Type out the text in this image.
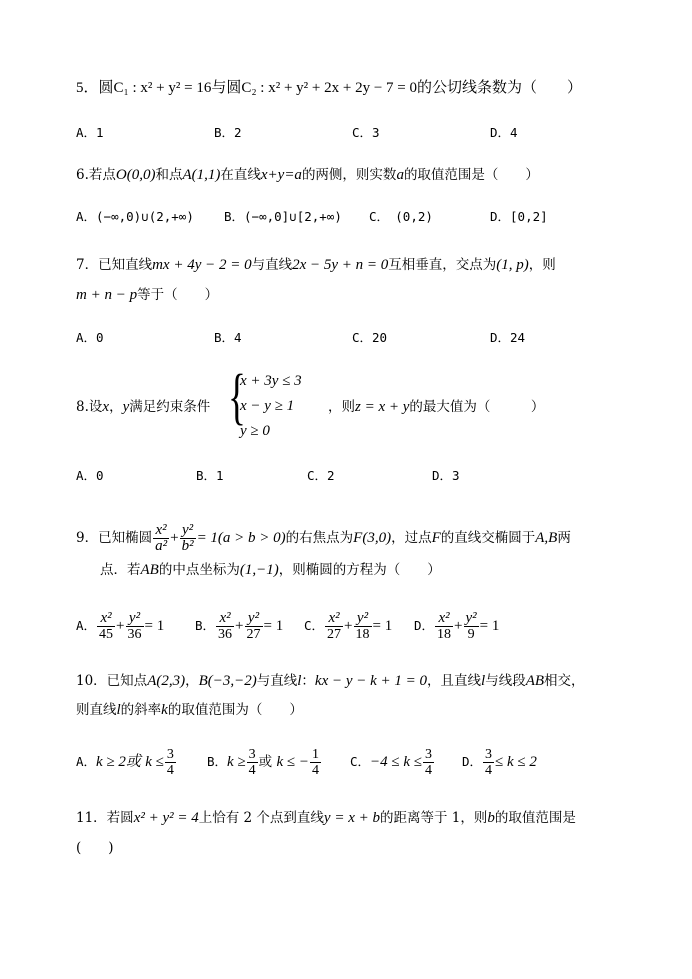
5．圆C₁ : x² + y² = 16与圆C₂ : x² + y² + 2x + 2y − 7 = 0的公切线条数为（　　）
A．1	B．2	C．3	D．4
6.若点O(0,0)和点A(1,1)在直线x+y=a的两侧，则实数a的取值范围是（　　）
A．(−∞,0)∪(2,+∞) B．(−∞,0]∪[2,+∞) C．　(0,2)	D．[0,2]
7．已知直线mx + 4y − 2 = 0与直线2x − 5y + n = 0互相垂直，交点为(1, p)，则
m + n − p等于（　　）
A．0	B．4	C．20	D．24
8.设x，y满足约束条件 {
x + 3y ≤ 3
x − y ≥ 1
y ≥ 0
，则z = x + y的最大值为（　　　）
A．0	B．1	C．2	D．3
9．已知椭圆 $\frac{\text{x²}}{\text{a²}} + \frac{\text{y²}}{\text{b²}} = 1(a > b > 0)$的右焦点为F(3,0)，过点F的直线交椭圆于A,B两
点．若AB的中点坐标为(1,−1)，则椭圆的方程为（　　）
A． $\frac{\text{x²}}{45} + \frac{\text{y²}}{36} = 1$ B． $\frac{\text{x²}}{36} + \frac{\text{y²}}{27} = 1$ C． $\frac{\text{x²}}{27} + \frac{\text{y²}}{18} = 1$ D． $\frac{\text{x²}}{18} + \frac{\text{y²}}{9} = 1$
10．已知点A(2,3)，B(−3,−2)与直线l：kx − y − k + 1 = 0，且直线l与线段AB相交，
则直线l的斜率k的取值范围为（　　）
A．k ≥ 2或 $k \le \frac{3}{4}$ B．$k \ge \frac{3}{4}$ 或 k ≤ − $\frac{1}{4}$ C．$-4 \le k \le \frac{3}{4}$ D． $\frac{3}{4} \le k \le 2$
11．若圆x² + y² = 4上恰有 2 个点到直线y = x + b的距离等于 1，则b的取值范围是
(　　)
